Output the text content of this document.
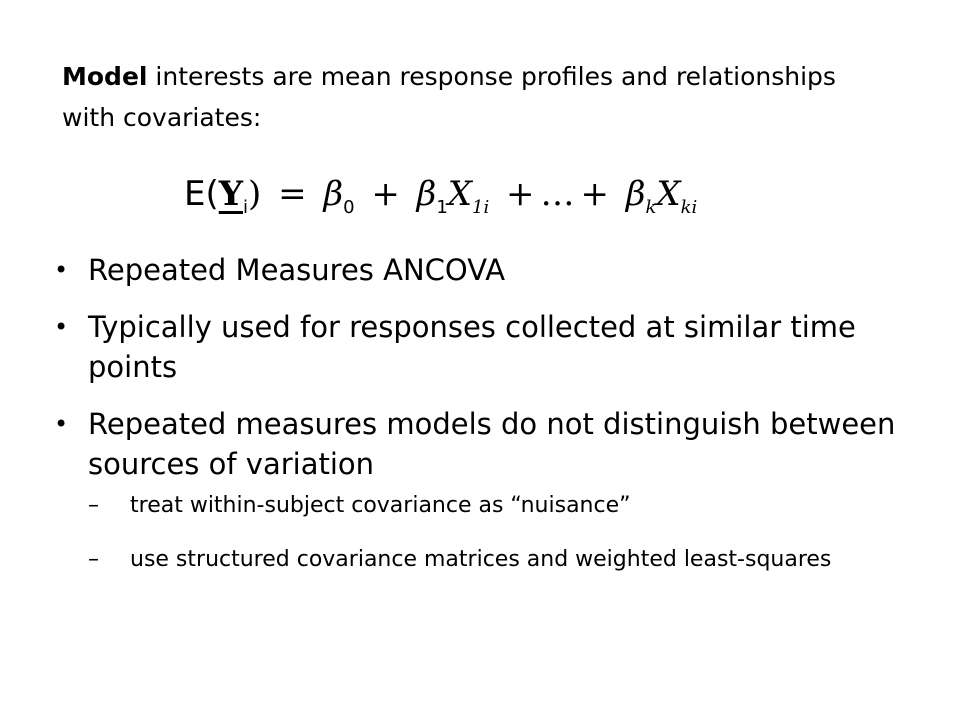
Model interests are mean response profiles and relationships with covariates:
$E(Y_i) = \beta_0 + \beta_1X_{1i}$ + … + $\beta_kX_{ki}$
• Repeated Measures ANCOVA
• Typically used for responses collected at similar time points
• Repeated measures models do not distinguish between sources of variation
– treat within-subject covariance as “nuisance”
– use structured covariance matrices and weighted least-squares
